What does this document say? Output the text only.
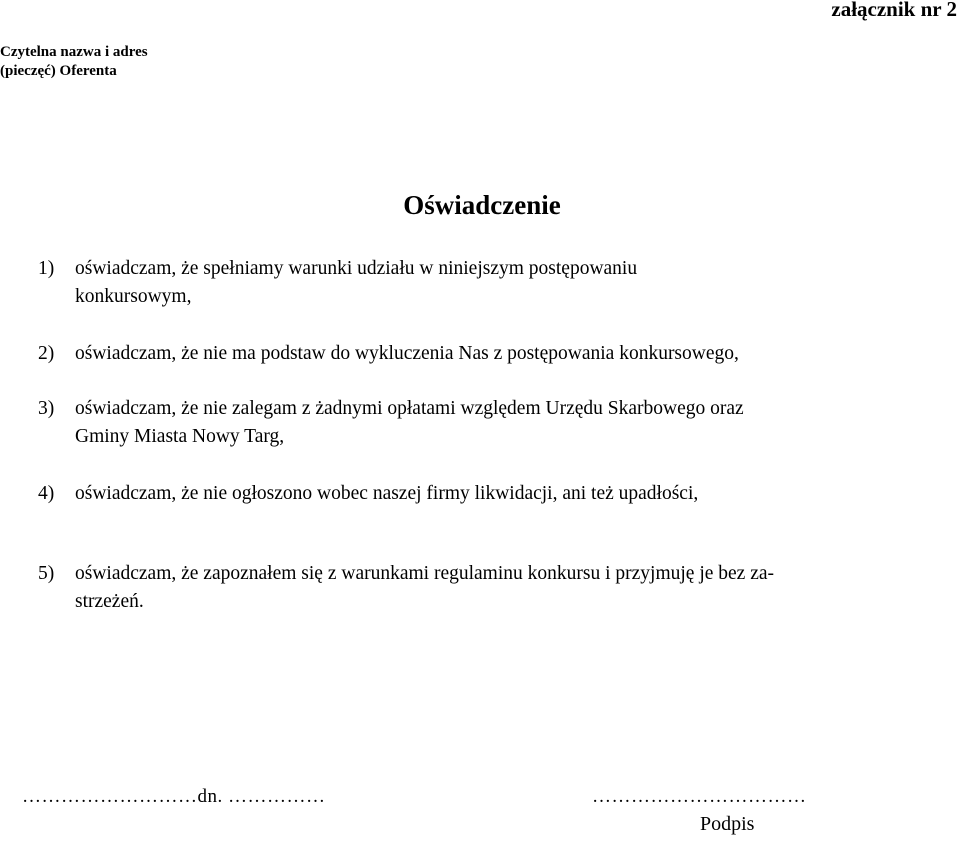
załącznik nr 2
Czytelna nazwa i adres
(pieczęć) Oferenta
Oświadczenie
1) oświadczam, że spełniamy warunki udziału w niniejszym postępowaniu
konkursowym,
2) oświadczam, że nie ma podstaw do wykluczenia Nas z postępowania konkursowego,
3) oświadczam, że nie zalegam z żadnymi opłatami względem Urzędu Skarbowego oraz
Gminy Miasta Nowy Targ,
4) oświadczam, że nie ogłoszono wobec naszej firmy likwidacji, ani też upadłości,
5) oświadczam, że zapoznałem się z warunkami regulaminu konkursu i przyjmuję je bez za-
strzeżeń.
………………………dn. ……………	……………………………
Podpis
